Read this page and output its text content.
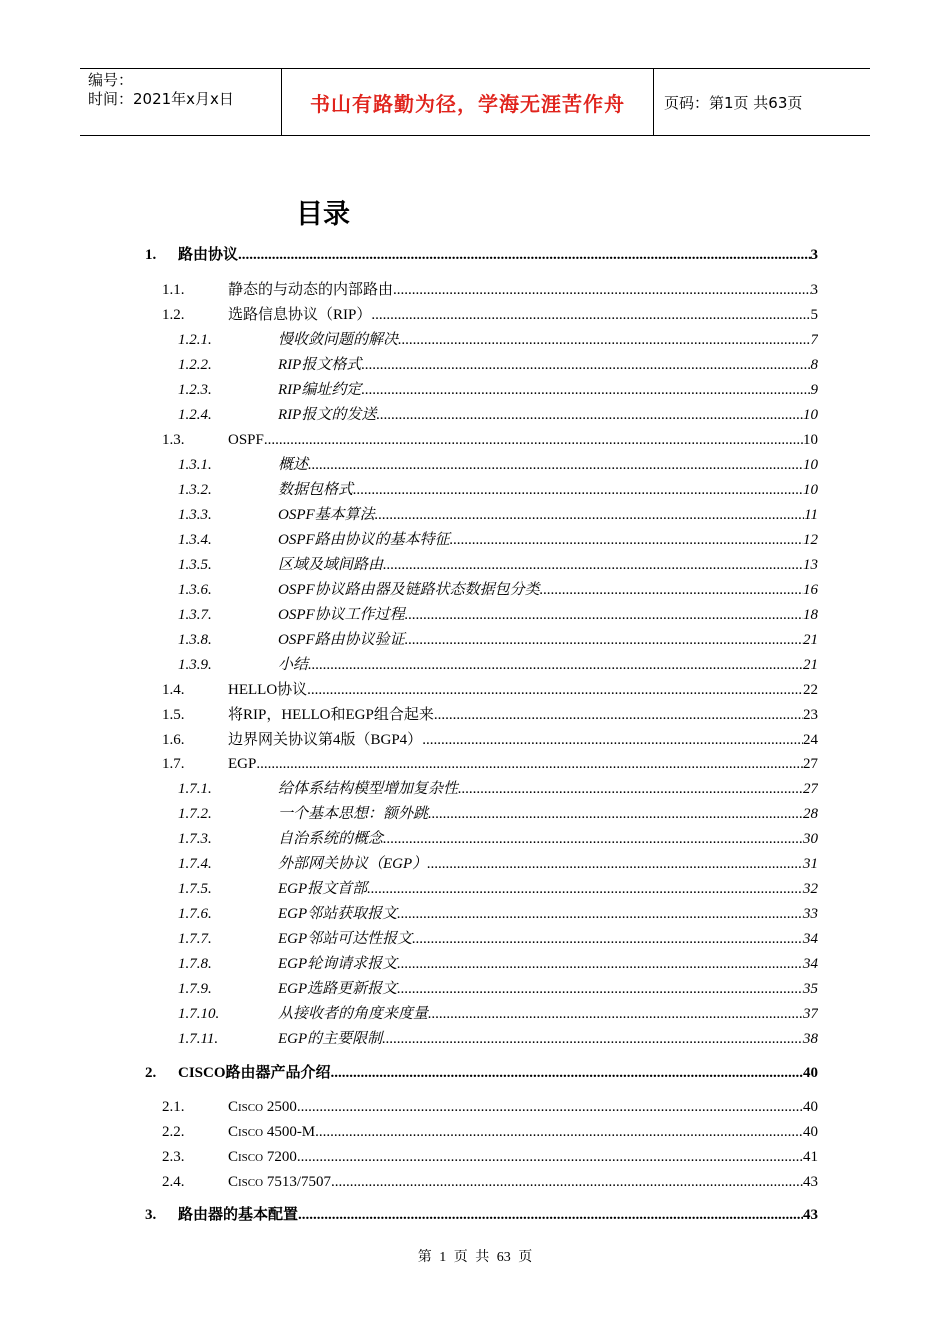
编号：
时间：2021年x月x日	书山有路勤为径，学海无涯苦作舟	页码：第1页 共63页
目录
1. 路由协议 .....	3
1.1.	静态的与动态的内部路由 .....	3
1.2.	选路信息协议（RIP） .....	5
1.2.1.	慢收敛问题的解决 .....	7
1.2.2.	RIP报文格式 .....	8
1.2.3.	RIP编址约定 .....	9
1.2.4.	RIP报文的发送 .....	10
1.3.	OSPF .....	10
1.3.1.	概述 .....	10
1.3.2.	数据包格式 .....	10
1.3.3.	OSPF基本算法 .....	11
1.3.4.	OSPF路由协议的基本特征 .....	12
1.3.5.	区域及域间路由 .....	13
1.3.6.	OSPF协议路由器及链路状态数据包分类 .....	16
1.3.7.	OSPF协议工作过程 .....	18
1.3.8.	OSPF路由协议验证 .....	21
1.3.9.	小结 .....	21
1.4.	HELLO协议 .....	22
1.5.	将RIP，HELLO和EGP组合起来 .....	23
1.6.	边界网关协议第4版（BGP4） .....	24
1.7.	EGP .....	27
1.7.1.	给体系结构模型增加复杂性 .....	27
1.7.2.	一个基本思想：额外跳 .....	28
1.7.3.	自治系统的概念 .....	30
1.7.4.	外部网关协议（EGP） .....	31
1.7.5.	EGP报文首部 .....	32
1.7.6.	EGP邻站获取报文 .....	33
1.7.7.	EGP邻站可达性报文 .....	34
1.7.8.	EGP轮询请求报文 .....	34
1.7.9.	EGP选路更新报文 .....	35
1.7.10.	从接收者的角度来度量 .....	37
1.7.11.	EGP的主要限制 .....	38
2. CISCO路由器产品介绍 .....	40
2.1.	Cisco 2500 .....	40
2.2.	Cisco 4500-M .....	40
2.3.	Cisco 7200 .....	41
2.4.	Cisco 7513/7507 .....	43
3. 路由器的基本配置 .....	43
第 1 页 共 63 页
